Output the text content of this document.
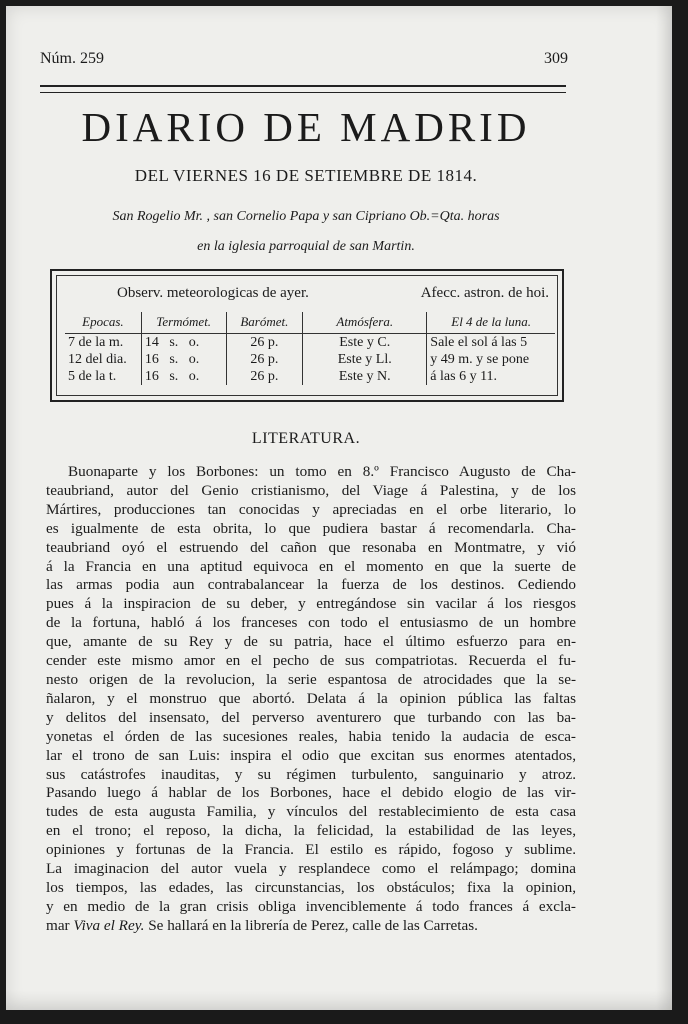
Núm. 259	309
DIARIO DE MADRID
DEL VIERNES 16 DE SETIEMBRE DE 1814.
San Rogelio Mr. , san Cornelio Papa y san Cipriano Ob.=Qta. horas
en la iglesia parroquial de san Martin.
Observ. meteorologicas de ayer.	Afecc. astron. de hoi.
Epocas.	Termómet.	Barómet.	Atmósfera.	El 4 de la luna.
7 de la m.	14 s. o.	26 p.	Este y C.	Sale el sol á las 5
12 del dia.	16 s. o.	26 p.	Este y Ll.	y 49 m. y se pone
5 de la t.	16 s. o.	26 p.	Este y N.	á las 6 y 11.
LITERATURA.
Buonaparte y los Borbones: un tomo en 8.º Francisco Augusto de Cha-
teaubriand, autor del Genio cristianismo, del Viage á Palestina, y de los
Mártires, producciones tan conocidas y apreciadas en el orbe literario, lo
es igualmente de esta obrita, lo que pudiera bastar á recomendarla. Cha-
teaubriand oyó el estruendo del cañon que resonaba en Montmatre, y vió
á la Francia en una aptitud equivoca en el momento en que la suerte de
las armas podia aun contrabalancear la fuerza de los destinos. Cediendo
pues á la inspiracion de su deber, y entregándose sin vacilar á los riesgos
de la fortuna, habló á los franceses con todo el entusiasmo de un hombre
que, amante de su Rey y de su patria, hace el último esfuerzo para en-
cender este mismo amor en el pecho de sus compatriotas. Recuerda el fu-
nesto origen de la revolucion, la serie espantosa de atrocidades que la se-
ñalaron, y el monstruo que abortó. Delata á la opinion pública las faltas
y delitos del insensato, del perverso aventurero que turbando con las ba-
yonetas el órden de las sucesiones reales, habia tenido la audacia de esca-
lar el trono de san Luis: inspira el odio que excitan sus enormes atentados,
sus catástrofes inauditas, y su régimen turbulento, sanguinario y atroz.
Pasando luego á hablar de los Borbones, hace el debido elogio de las vir-
tudes de esta augusta Familia, y vínculos del restablecimiento de esta casa
en el trono; el reposo, la dicha, la felicidad, la estabilidad de las leyes,
opiniones y fortunas de la Francia. El estilo es rápido, fogoso y sublime.
La imaginacion del autor vuela y resplandece como el relámpago; domina
los tiempos, las edades, las circunstancias, los obstáculos; fixa la opinion,
y en medio de la gran crisis obliga invenciblemente á todo frances á excla-
mar Viva el Rey. Se hallará en la librería de Perez, calle de las Carretas.
